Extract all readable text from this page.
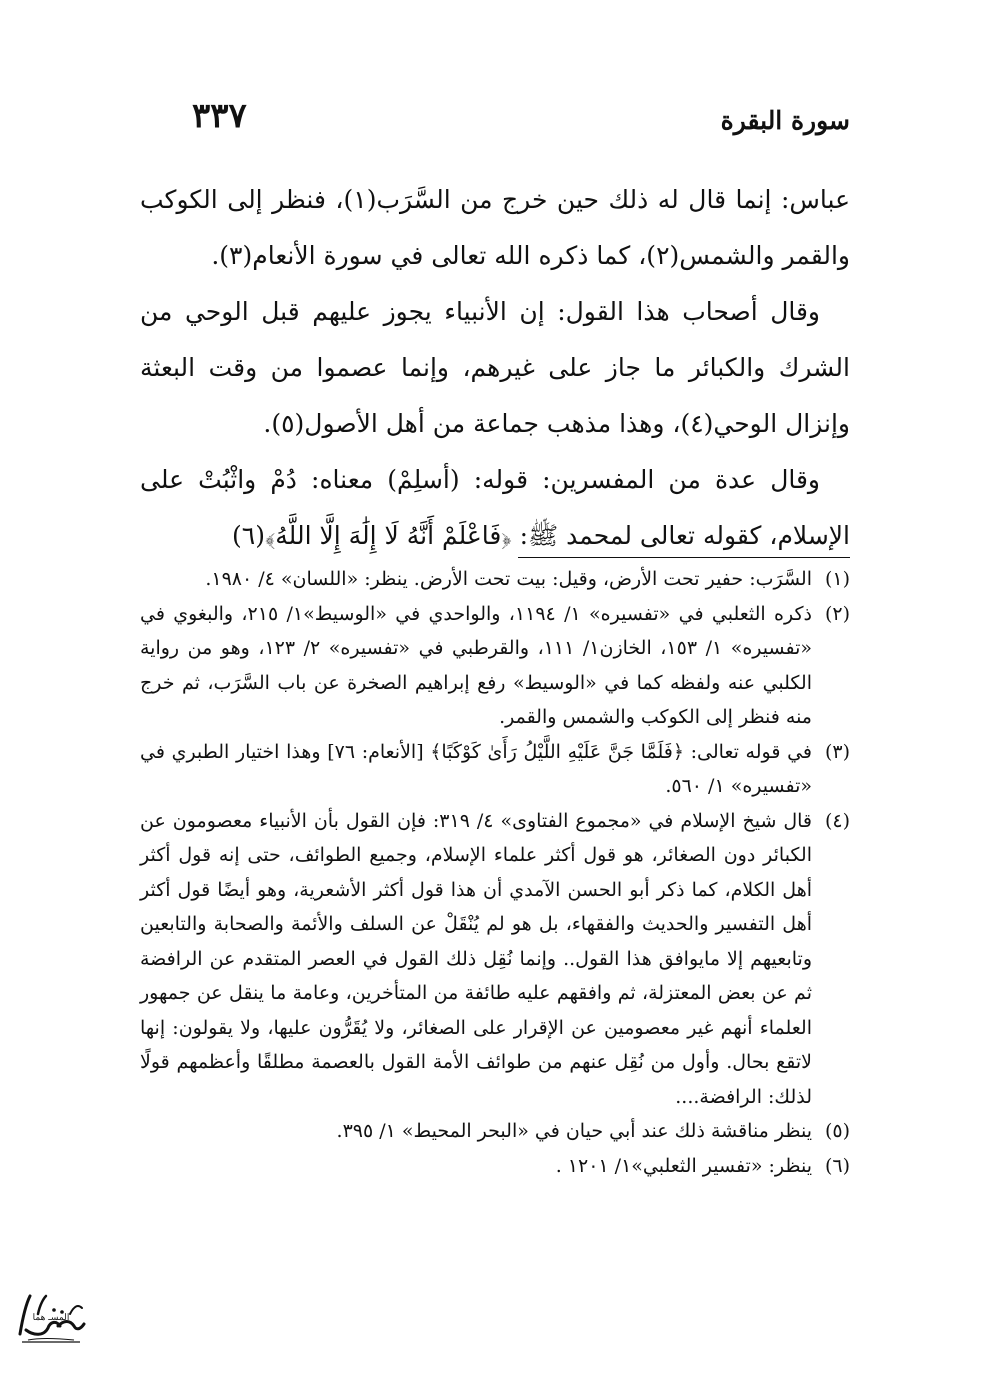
سورة البقرة
٣٣٧

عباس: إنما قال له ذلك حين خرج من السَّرَب(١)، فنظر إلى الكوكب والقمر والشمس(٢)، كما ذكره الله تعالى في سورة الأنعام(٣).

وقال أصحاب هذا القول: إن الأنبياء يجوز عليهم قبل الوحي من الشرك والكبائر ما جاز على غيرهم، وإنما عصموا من وقت البعثة وإنزال الوحي(٤)، وهذا مذهب جماعة من أهل الأصول(٥).

وقال عدة من المفسرين: قوله: (أسلِمْ) معناه: دُمْ واثْبُتْ على الإسلام، كقوله تعالى لمحمد ﷺ: ﴿فَاعْلَمْ أَنَّهُ لَا إِلَٰهَ إِلَّا اللَّهُ﴾(٦)

(١)
السَّرَب: حفير تحت الأرض، وقيل: بيت تحت الأرض. ينظر: «اللسان» ٤/ ١٩٨٠.
(٢)
ذكره الثعلبي في «تفسيره» ١/ ١١٩٤، والواحدي في «الوسيط»١/ ٢١٥، والبغوي في «تفسيره» ١/ ١٥٣، الخازن١/ ١١١، والقرطبي في «تفسيره» ٢/ ١٢٣، وهو من رواية الكلبي عنه ولفظه كما في «الوسيط» رفع إبراهيم الصخرة عن باب السَّرَب، ثم خرج منه فنظر إلى الكوكب والشمس والقمر.
(٣)
في قوله تعالى: ﴿فَلَمَّا جَنَّ عَلَيْهِ اللَّيْلُ رَأَىٰ كَوْكَبًا﴾ [الأنعام: ٧٦] وهذا اختيار الطبري في «تفسيره» ١/ ٥٦٠.
(٤)
قال شيخ الإسلام في «مجموع الفتاوى» ٤/ ٣١٩: فإن القول بأن الأنبياء معصومون عن الكبائر دون الصغائر، هو قول أكثر علماء الإسلام، وجميع الطوائف، حتى إنه قول أكثر أهل الكلام، كما ذكر أبو الحسن الآمدي أن هذا قول أكثر الأشعرية، وهو أيضًا قول أكثر أهل التفسير والحديث والفقهاء، بل هو لم يُنْقَلْ عن السلف والأئمة والصحابة والتابعين وتابعيهم إلا مايوافق هذا القول.. وإنما نُقِل ذلك القول في العصر المتقدم عن الرافضة ثم عن بعض المعتزلة، ثم وافقهم عليه طائفة من المتأخرين، وعامة ما ينقل عن جمهور العلماء أنهم غير معصومين عن الإقرار على الصغائر، ولا يُقَرُّون عليها، ولا يقولون: إنها لاتقع بحال. وأول من نُقِل عنهم من طوائف الأمة القول بالعصمة مطلقًا وأعظمهم قولًا لذلك: الرافضة....
(٥)
ينظر مناقشة ذلك عند أبي حيان في «البحر المحيط» ١/ ٣٩٥.
(٦)
ينظر: «تفسير الثعلبي»١/ ١٢٠١ .
المسـ هما
